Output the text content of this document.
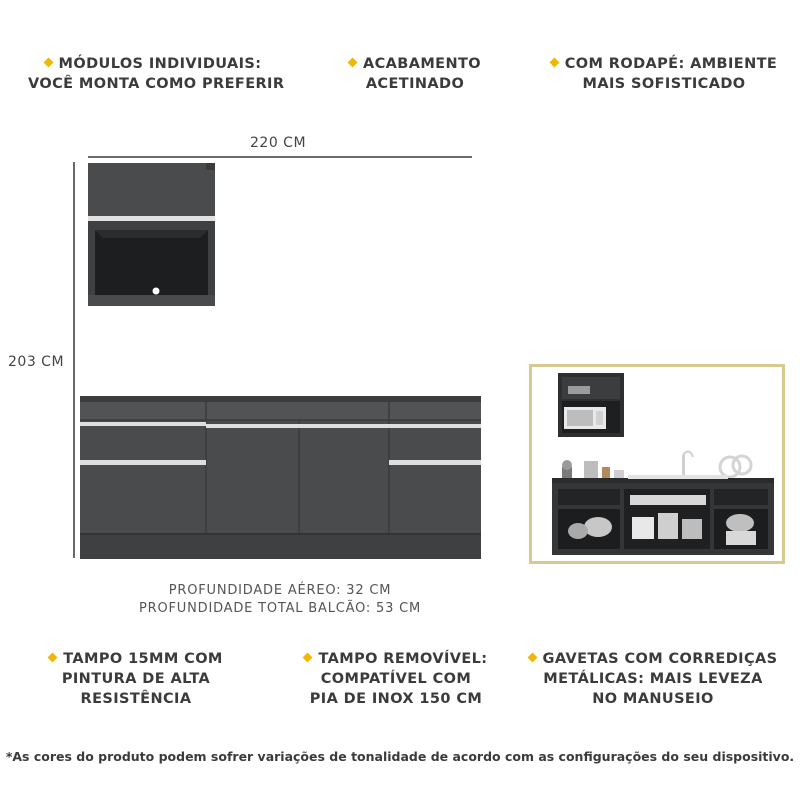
MÓDULOS INDIVIDUAIS:
VOCÊ MONTA COMO PREFERIR
ACABAMENTO
ACETINADO
COM RODAPÉ: AMBIENTE
MAIS SOFISTICADO
220 CM
203 CM
PROFUNDIDADE AÉREO: 32 CM
PROFUNDIDADE TOTAL BALCÃO: 53 CM
TAMPO 15MM COM
PINTURA DE ALTA
RESISTÊNCIA
TAMPO REMOVÍVEL:
COMPATÍVEL COM
PIA DE INOX 150 CM
GAVETAS COM CORREDIÇAS
METÁLICAS: MAIS LEVEZA
NO MANUSEIO
*As cores do produto podem sofrer variações de tonalidade de acordo com as configurações do seu dispositivo.
